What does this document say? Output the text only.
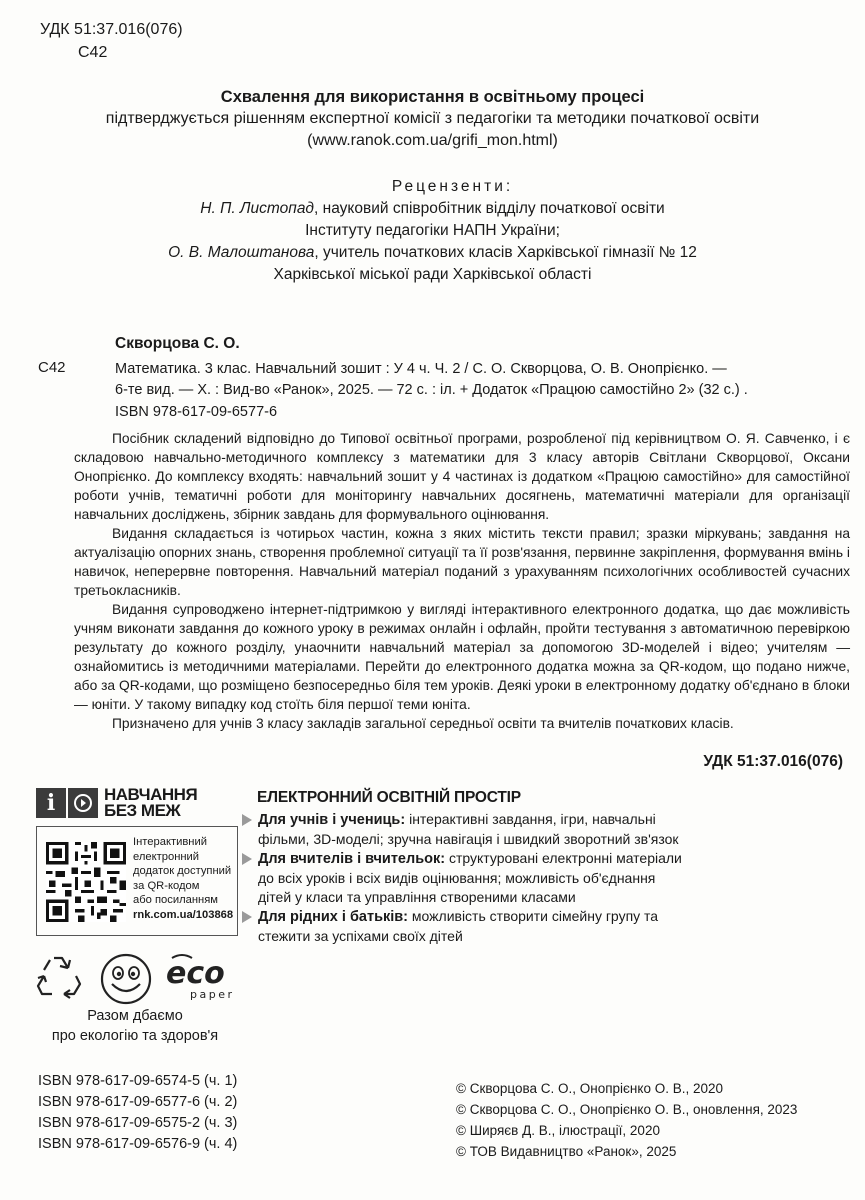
УДК 51:37.016(076)
С42
Схвалення для використання в освітньому процесі
підтверджується рішенням експертної комісії з педагогіки та методики початкової освіти
(www.ranok.com.ua/grifi_mon.html)
Рецензенти:
Н. П. Листопад, науковий співробітник відділу початкової освіти
Інституту педагогіки НАПН України;
О. В. Малоштанова, учитель початкових класів Харківської гімназії № 12
Харківської міської ради Харківської області
Скворцова С. О.
С42	Математика. 3 клас. Навчальний зошит : У 4 ч. Ч. 2 / С. О. Скворцова, О. В. Онопрієнко. —
6-те вид. — Х. : Вид-во «Ранок», 2025. — 72 с. : іл. + Додаток «Працюю самостійно 2» (32 с.) .
ISBN 978-617-09-6577-6

Посібник складений відповідно до Типової освітньої програми, розробленої під керівництвом О. Я. Савченко, і є складовою навчально-методичного комплексу з математики для 3 класу авторів Світлани Скворцової, Оксани Онопрієнко. До комплексу входять: навчальний зошит у 4 частинах із додатком «Працюю самостійно» для самостійної роботи учнів, тематичні роботи для моніторингу навчальних досягнень, математичні матеріали для організації навчальних досліджень, збірник завдань для формувального оцінювання.

Видання складається із чотирьох частин, кожна з яких містить тексти правил; зразки міркувань; завдання на актуалізацію опорних знань, створення проблемної ситуації та її розв'язання, первинне закріплення, формування вмінь і навичок, неперервне повторення. Навчальний матеріал поданий з урахуванням психологічних особливостей сучасних третьокласників.

Видання супроводжено інтернет-підтримкою у вигляді інтерактивного електронного додатка, що дає можливість учням виконати завдання до кожного уроку в режимах онлайн і офлайн, пройти тестування з автоматичною перевіркою результату до кожного розділу, унаочнити навчальний матеріал за допомогою 3D-моделей і відео; учителям — ознайомитись із методичними матеріалами. Перейти до електронного додатка можна за QR-кодом, що подано нижче, або за QR-кодами, що розміщено безпосередньо біля тем уроків. Деякі уроки в електронному додатку об'єднано в блоки — юніти. У такому випадку код стоїть біля першої теми юніта.

Призначено для учнів 3 класу закладів загальної середньої освіти та вчителів початкових класів.

УДК 51:37.016(076)
і	НАВЧАННЯ
БЕЗ МЕЖ
Інтерактивний
електронний
додаток доступний
за QR-кодом
або посиланням
rnk.com.ua/103868
eco
paper
Разом дбаємо
про екологію та здоров'я
ЕЛЕКТРОННИЙ ОСВІТНІЙ ПРОСТІР
Для учнів і учениць: інтерактивні завдання, ігри, навчальні фільми, 3D-моделі; зручна навігація і швидкий зворотний зв'язок
Для вчителів і вчительок: структуровані електронні матеріали до всіх уроків і всіх видів оцінювання; можливість об'єднання дітей у класи та управління створеними класами
Для рідних і батьків: можливість створити сімейну групу та стежити за успіхами своїх дітей
ISBN 978-617-09-6574-5 (ч. 1)
ISBN 978-617-09-6577-6 (ч. 2)
ISBN 978-617-09-6575-2 (ч. 3)
ISBN 978-617-09-6576-9 (ч. 4)
© Скворцова С. О., Онопрієнко О. В., 2020
© Скворцова С. О., Онопрієнко О. В., оновлення, 2023
© Ширяєв Д. В., ілюстрації, 2020
© ТОВ Видавництво «Ранок», 2025
